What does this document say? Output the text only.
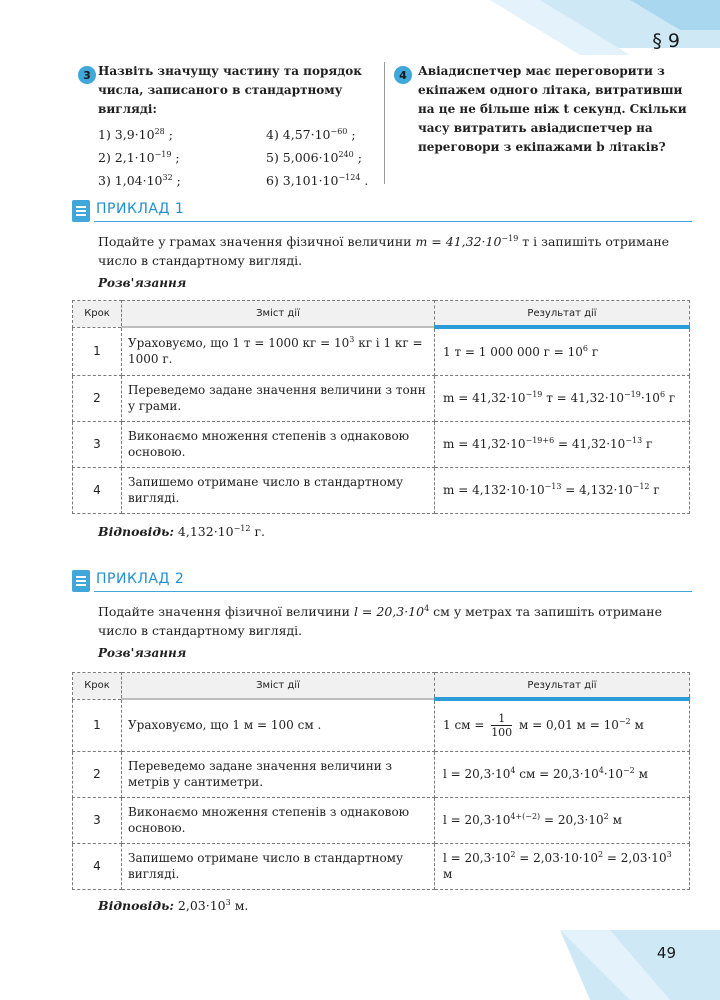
§ 9
49
3 Назвіть значущу частину та порядок числа, записаного в стандартному вигляді:
1) $3,9\cdot 10^{28}$ ;	4) $4,57\cdot 10^{-60}$ ;
2) $2,1\cdot 10^{-19}$ ;	5) $5,006\cdot 10^{240}$ ;
3) $1,04\cdot 10^{32}$ ;	6) $3,101\cdot 10^{-124}$ .
4 Авіадиспетчер має переговорити з екіпажем одного літака, витративши на це не більше ніж t секунд. Скільки часу витратить авіадиспетчер на переговори з екіпажами b літаків?
ПРИКЛАД 1
Подайте у грамах значення фізичної величини $m = 41,32\cdot 10^{-19}$ т і запишіть отримане число в стандартному вигляді.
Розв'язання
Крок	Зміст дії	Результат дії
1	Ураховуємо, що 1 т = 1000 кг = $10^3$ кг і 1 кг = 1000 г.	1 т = 1 000 000 $г = 10^6$ г
2	Переведемо задане значення величини з тонн у грами.	$m = 41,32\cdot 10^{-19}$ $т = 41,32\cdot 10^{-19}\cdot 10^6$ г
3	Виконаємо множення степенів з однаковою основою.	$m = 41,32\cdot 10^{-19+6} = 41,32\cdot 10^{-13}$ г
4	Запишемо отримане число в стандартному вигляді.	$m = 4,132\cdot 10\cdot 10^{-13} = 4,132\cdot 10^{-12}$ г
Відповідь: $4,132\cdot 10^{-12}$ г.
ПРИКЛАД 2
Подайте значення фізичної величини $l = 20,3\cdot 10^4$ см у метрах та запишіть отримане число в стандартному вигляді.
Розв'язання
Крок	Зміст дії	Результат дії
1	Ураховуємо, що 1 м = 100 см .	1 см = $\frac{1}{100}$ м = 0,01 $м = 10^{-2}$ м
2	Переведемо задане значення величини з метрів у сантиметри.	$l = 20,3\cdot 10^4$ см = $20,3\cdot 10^4\cdot 10^{-2}$ м
3	Виконаємо множення степенів з однаковою основою.	$l = 20,3\cdot 10^{4+(-2)} = 20,3\cdot 10^2$ м
4	Запишемо отримане число в стандартному вигляді.	$l = 20,3\cdot 10^2 = 2,03\cdot 10\cdot 10^2 = 2,03\cdot 10^3$ м
Відповідь: $2,03\cdot 10^3$ м.
